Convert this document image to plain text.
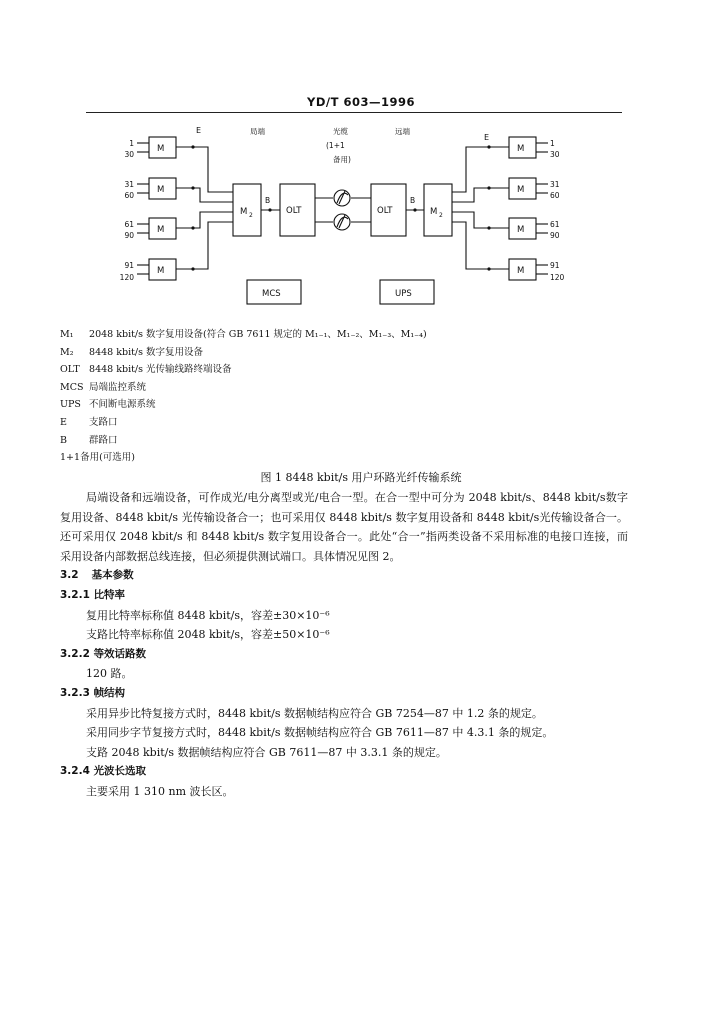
YD/T 603—1996
E	局端	光缆
(1+1
备用)
远端
E
B	B
M
M
M
M
M
M
M
M
M 2	M 2
OLT	OLT
MCS	UPS
1
30
31
60
61
90
91
120
1
30
31
60
61
90
91
120
M₁ 2048 kbit/s 数字复用设备(符合 GB 7611 规定的 M₁₋₁、M₁₋₂、M₁₋₃、M₁₋₄)
M₂ 8448 kbit/s 数字复用设备
OLT 8448 kbit/s 光传输线路终端设备
MCS 局端监控系统
UPS 不间断电源系统
E 支路口
B 群路口
1+1备用(可选用)
图 1 8448 kbit/s 用户环路光纤传输系统
局端设备和远端设备，可作成光/电分离型或光/电合一型。在合一型中可分为 2048 kbit/s、8448 kbit/s数字复用设备、8448 kbit/s 光传输设备合一；也可采用仅 8448 kbit/s 数字复用设备和 8448 kbit/s光传输设备合一。还可采用仅 2048 kbit/s 和 8448 kbit/s 数字复用设备合一。此处“合一”指两类设备不采用标准的电接口连接，而采用设备内部数据总线连接，但必须提供测试端口。具体情况见图 2。
3.2 基本参数
3.2.1 比特率
复用比特率标称值 8448 kbit/s，容差±30×10⁻⁶
支路比特率标称值 2048 kbit/s，容差±50×10⁻⁶
3.2.2 等效话路数
120 路。
3.2.3 帧结构
采用异步比特复接方式时，8448 kbit/s 数据帧结构应符合 GB 7254—87 中 1.2 条的规定。
采用同步字节复接方式时，8448 kbit/s 数据帧结构应符合 GB 7611—87 中 4.3.1 条的规定。
支路 2048 kbit/s 数据帧结构应符合 GB 7611—87 中 3.3.1 条的规定。
3.2.4 光波长选取
主要采用 1 310 nm 波长区。
